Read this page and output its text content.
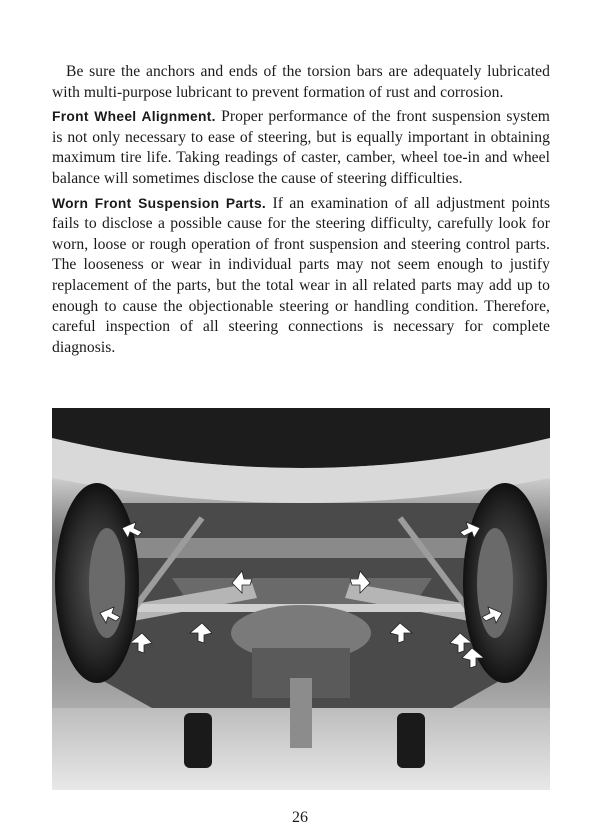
Be sure the anchors and ends of the torsion bars are adequately lubricated with multi-purpose lubricant to prevent formation of rust and corrosion.

Front Wheel Alignment. Proper performance of the front suspension system is not only necessary to ease of steering, but is equally important in obtaining maximum tire life. Taking readings of caster, camber, wheel toe-in and wheel balance will sometimes disclose the cause of steering difficulties.

Worn Front Suspension Parts. If an examination of all adjustment points fails to disclose a possible cause for the steering difficulty, carefully look for worn, loose or rough operation of front suspension and steering control parts. The looseness or wear in individual parts may not seem enough to justify replacement of the parts, but the total wear in all related parts may add up to enough to cause the objectionable steering or handling condition. Therefore, careful inspection of all steering connections is necessary for complete diagnosis.

26
